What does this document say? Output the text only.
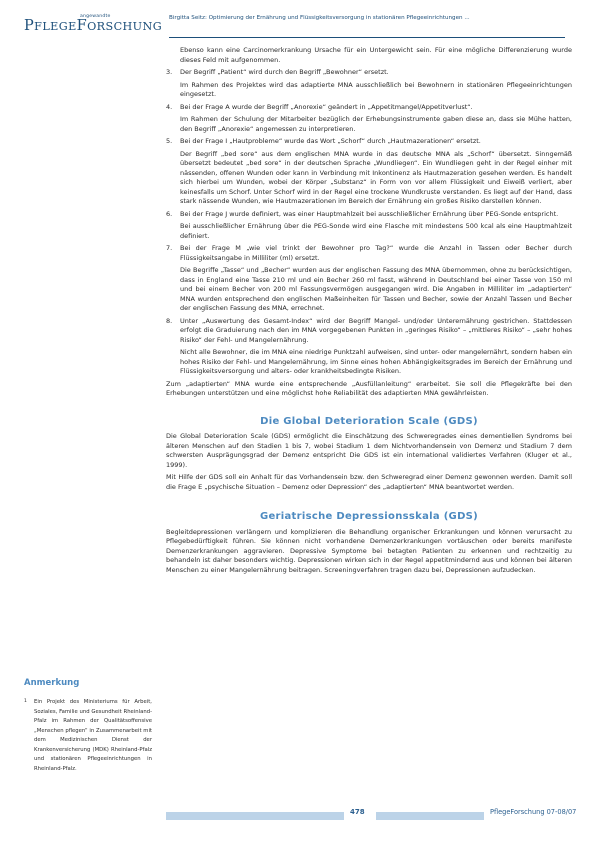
angewandte
PFLEGEFORSCHUNG
Birgitta Seitz: Optimierung der Ernährung und Flüssigkeitsversorgung in stationären Pflegeeinrichtungen ...

Ebenso kann eine Carcinomerkrankung Ursache für ein Untergewicht sein. Für eine mögliche Differenzierung wurde dieses Feld mit aufgenommen.

3. Der Begriff „Patient“ wird durch den Begriff „Bewohner“ ersetzt.

Im Rahmen des Projektes wird das adaptierte MNA ausschließlich bei Bewohnern in stationären Pflegeeinrichtungen eingesetzt.

4. Bei der Frage A wurde der Begriff „Anorexie“ geändert in „Appetitmangel/Appetitverlust“.

Im Rahmen der Schulung der Mitarbeiter bezüglich der Erhebungsinstrumente gaben diese an, dass sie Mühe hatten, den Begriff „Anorexie“ angemessen zu interpretieren.

5. Bei der Frage I „Hautprobleme“ wurde das Wort „Schorf“ durch „Hautmazerationen“ ersetzt.

Der Begriff „bed sore“ aus dem englischen MNA wurde in das deutsche MNA als „Schorf“ übersetzt. Sinngemäß übersetzt bedeutet „bed sore“ in der deutschen Sprache „Wundliegen“. Ein Wundliegen geht in der Regel einher mit nässenden, offenen Wunden oder kann in Verbindung mit Inkontinenz als Hautmazeration gesehen werden. Es handelt sich hierbei um Wunden, wobei der Körper „Substanz“ in Form von vor allem Flüssigkeit und Eiweiß verliert, aber keinesfalls um Schorf. Unter Schorf wird in der Regel eine trockene Wundkruste verstanden. Es liegt auf der Hand, dass stark nässende Wunden, wie Hautmazerationen im Bereich der Ernährung ein großes Risiko darstellen können.

6. Bei der Frage J wurde definiert, was einer Hauptmahlzeit bei ausschließlicher Ernährung über PEG-Sonde entspricht.

Bei ausschließlicher Ernährung über die PEG-Sonde wird eine Flasche mit mindestens 500 kcal als eine Hauptmahlzeit definiert.

7. Bei der Frage M „wie viel trinkt der Bewohner pro Tag?“ wurde die Anzahl in Tassen oder Becher durch Flüssigkeitsangabe in Milliliter (ml) ersetzt.

Die Begriffe „Tasse“ und „Becher“ wurden aus der englischen Fassung des MNA übernommen, ohne zu berücksichtigen, dass in England eine Tasse 210 ml und ein Becher 260 ml fasst, während in Deutschland bei einer Tasse von 150 ml und bei einem Becher von 200 ml Fassungsvermögen ausgegangen wird. Die Angaben in Milliliter im „adaptierten“ MNA wurden entsprechend den englischen Maßeinheiten für Tassen und Becher, sowie der Anzahl Tassen und Becher der englischen Fassung des MNA, errechnet.

8. Unter „Auswertung des Gesamt-Index“ wird der Begriff Mangel- und/oder Unterernährung gestrichen. Stattdessen erfolgt die Graduierung nach den im MNA vorgegebenen Punkten in „geringes Risiko“ – „mittleres Risiko“ – „sehr hohes Risiko“ der Fehl- und Mangelernährung.

Nicht alle Bewohner, die im MNA eine niedrige Punktzahl aufweisen, sind unter- oder mangelernährt, sondern haben ein hohes Risiko der Fehl- und Mangelernährung, im Sinne eines hohen Abhängigkeitsgrades im Bereich der Ernährung und Flüssigkeitsversorgung und alters- oder krankheitsbedingte Risiken.

Zum „adaptierten“ MNA wurde eine entsprechende „Ausfüllanleitung“ erarbeitet. Sie soll die Pflegekräfte bei den Erhebungen unterstützen und eine möglichst hohe Reliabilität des adaptierten MNA gewährleisten.

Die Global Deterioration Scale (GDS)

Die Global Deterioration Scale (GDS) ermöglicht die Einschätzung des Schweregrades eines dementiellen Syndroms bei älteren Menschen auf den Stadien 1 bis 7, wobei Stadium 1 dem Nichtvorhandensein von Demenz und Stadium 7 dem schwersten Ausprägungsgrad der Demenz entspricht Die GDS ist ein international validiertes Verfahren (Kluger et al., 1999).

Mit Hilfe der GDS soll ein Anhalt für das Vorhandensein bzw. den Schweregrad einer Demenz gewonnen werden. Damit soll die Frage E „psychische Situation – Demenz oder Depression“ des „adaptierten“ MNA beantwortet werden.

Geriatrische Depressionsskala (GDS)

Begleitdepressionen verlängern und komplizieren die Behandlung organischer Erkrankungen und können verursacht zu Pflegebedürftigkeit führen. Sie können nicht vorhandene Demenzerkrankungen vortäuschen oder bereits manifeste Demenzerkrankungen aggravieren. Depressive Symptome bei betagten Patienten zu erkennen und rechtzeitig zu behandeln ist daher besonders wichtig. Depressionen wirken sich in der Regel appetitmindernd aus und können bei älteren Menschen zu einer Mangelernährung beitragen. Screeningverfahren tragen dazu bei, Depressionen aufzudecken.

Anmerkung
1 Ein Projekt des Ministeriums für Arbeit, Soziales, Familie und Gesundheit Rheinland-Pfalz im Rahmen der Qualitätsoffensive „Menschen pflegen“ in Zusammenarbeit mit dem Medizinischen Dienst der Krankenversicherung (MDK) Rheinland-Pfalz und stationären Pflegeeinrichtungen in Rheinland-Pfalz.
478	PflegeForschung 07-08/07
